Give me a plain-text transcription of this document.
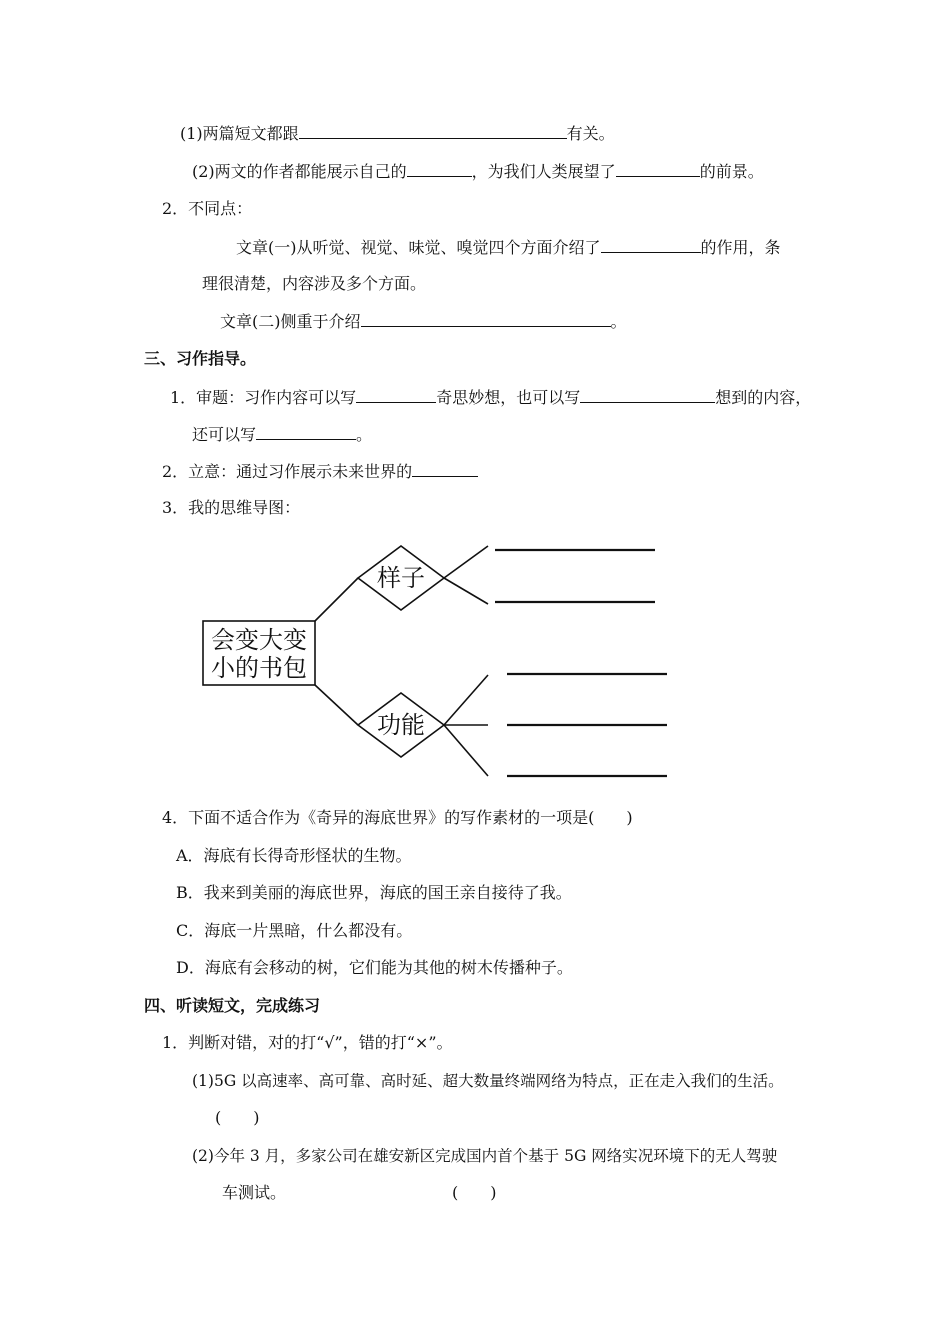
(1)两篇短文都跟	有关。
(2)两文的作者都能展示自己的	，为我们人类展望了	的前景。
2．不同点：
文章(一)从听觉、视觉、味觉、嗅觉四个方面介绍了	的作用，条
理很清楚，内容涉及多个方面。
文章(二)侧重于介绍	。
三、习作指导。
1．审题：习作内容可以写	奇思妙想，也可以写	想到的内容，
还可以写	。
2．立意：通过习作展示未来世界的
3．我的思维导图：
会变大变
小的书包
样子
功能
4．下面不适合作为《奇异的海底世界》的写作素材的一项是(　　)
A．海底有长得奇形怪状的生物。
B．我来到美丽的海底世界，海底的国王亲自接待了我。
C．海底一片黑暗，什么都没有。
D．海底有会移动的树，它们能为其他的树木传播种子。
四、听读短文，完成练习
1．判断对错，对的打“√”，错的打“×”。
(1)5G 以高速率、高可靠、高时延、超大数量终端网络为特点，正在走入我们的生活。
(　　)
(2)今年 3 月，多家公司在雄安新区完成国内首个基于 5G 网络实况环境下的无人驾驶
车测试。	(　　)
